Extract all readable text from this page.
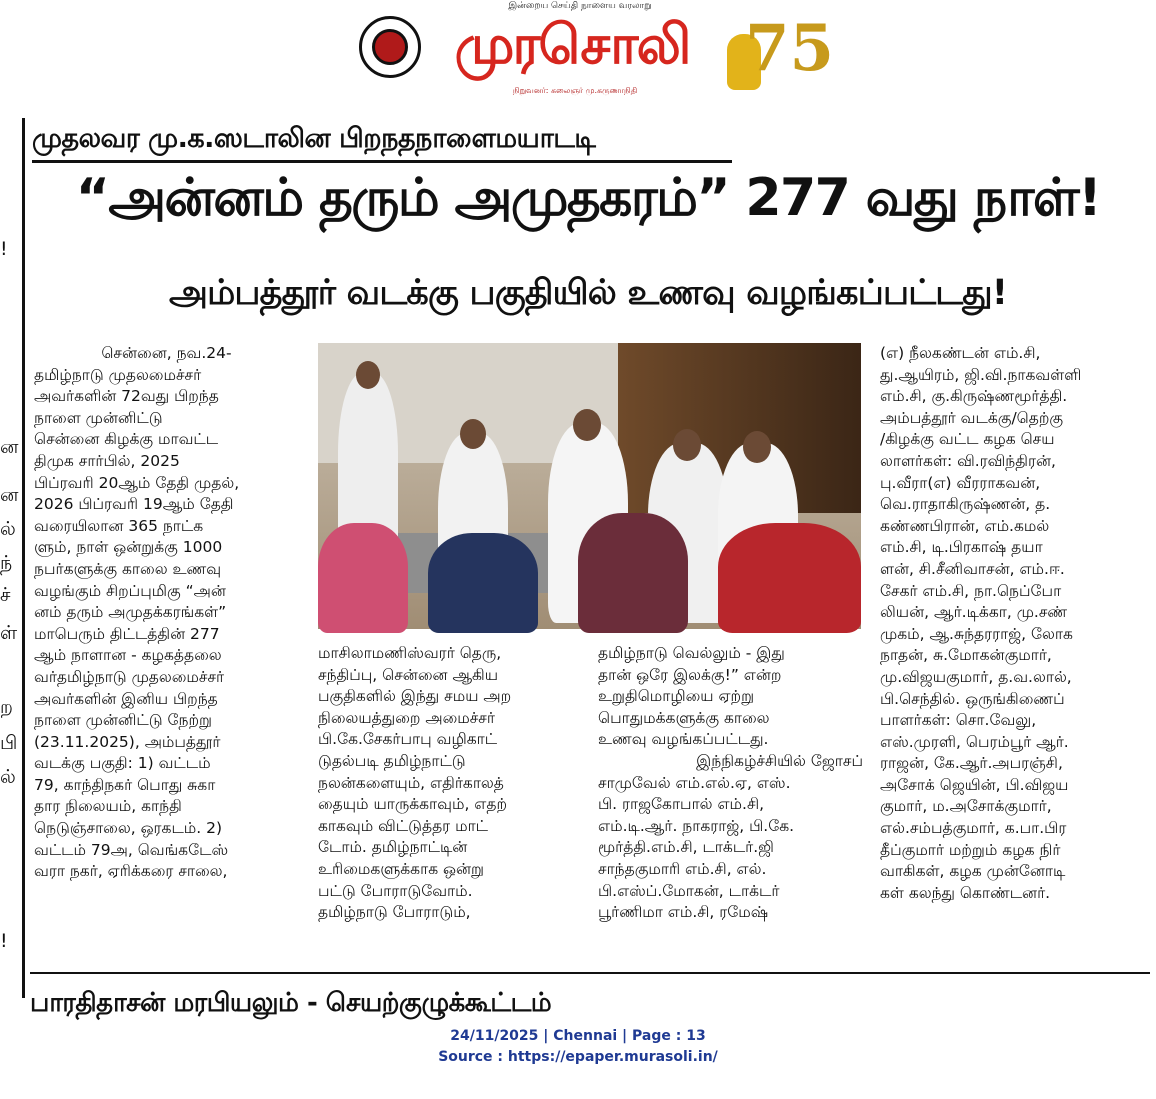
இன்றைய செய்தி நாளைய வரலாறு
முரசொலி
நிறுவனர்: கலைஞர் மு.கருணாநிதி
75
!
ன
ன
ல்
ந்
ச்
ள்
ற
பி
ல்
!
முதலவர மு.க.ஸடாலின பிறநதநாளைமயாடடி
“அன்னம் தரும் அமுதகரம்” 277 வது நாள்!
அம்பத்தூர் வடக்கு பகுதியில் உணவு வழங்கப்பட்டது!
சென்னை, நவ.24-
தமிழ்நாடு முதலமைச்சர்
அவர்களின் 72வது பிறந்த
நாளை முன்னிட்டு
சென்னை கிழக்கு மாவட்ட
திமுக சார்பில், 2025
பிப்ரவரி 20ஆம் தேதி முதல்,
2026 பிப்ரவரி 19ஆம் தேதி
வரையிலான 365 நாட்க
ளும், நாள் ஒன்றுக்கு 1000
நபர்களுக்கு காலை உணவு
வழங்கும் சிறப்புமிகு “அன்
னம் தரும் அமுதக்கரங்கள்”
மாபெரும் திட்டத்தின் 277
ஆம் நாளான - கழகத்தலை
வர்தமிழ்நாடு முதலமைச்சர்
அவர்களின் இனிய பிறந்த
நாளை முன்னிட்டு நேற்று
(23.11.2025), அம்பத்தூர்
வடக்கு பகுதி: 1) வட்டம்
79, காந்திநகர் பொது சுகா
தார நிலையம், காந்தி
நெடுஞ்சாலை, ஒரகடம். 2)
வட்டம் 79அ, வெங்கடேஸ்
வரா நகர், ஏரிக்கரை சாலை,
மாசிலாமணிஸ்வரர் தெரு,
சந்திப்பு, சென்னை ஆகிய
பகுதிகளில் இந்து சமய அற
நிலையத்துறை அமைச்சர்
பி.கே.சேகர்பாபு வழிகாட்
டுதல்படி தமிழ்நாட்டு
நலன்களையும், எதிர்காலத்
தையும் யாருக்காவும், எதற்
காகவும் விட்டுத்தர மாட்
டோம். தமிழ்நாட்டின்
உரிமைகளுக்காக ஒன்று
பட்டு போராடுவோம்.
தமிழ்நாடு போராடும்,
தமிழ்நாடு வெல்லும் - இது
தான் ஒரே இலக்கு!” என்ற
உறுதிமொழியை ஏற்று
பொதுமக்களுக்கு காலை
உணவு வழங்கப்பட்டது.
இந்நிகழ்ச்சியில் ஜோசப்
சாமுவேல் எம்.எல்.ஏ, எஸ்.
பி. ராஜகோபால் எம்.சி,
எம்.டி.ஆர். நாகராஜ், பி.கே.
மூர்த்தி.எம்.சி, டாக்டர்.ஜி
சாந்தகுமாரி எம்.சி, எல்.
பி.எஸ்ப்.மோகன், டாக்டர்
பூர்ணிமா எம்.சி, ரமேஷ்
(எ) நீலகண்டன் எம்.சி,
து.ஆயிரம், ஜி.வி.நாகவள்ளி
எம்.சி, கு.கிருஷ்ணமூர்த்தி.
அம்பத்தூர் வடக்கு/தெற்கு
/கிழக்கு வட்ட கழக செய
லாளர்கள்: வி.ரவிந்திரன்,
பு.வீரா(எ) வீரராகவன்,
வெ.ராதாகிருஷ்ணன், த.
கண்ணபிரான், எம்.கமல்
எம்.சி, டி.பிரகாஷ் தயா
ளன், சி.சீனிவாசன், எம்.ஈ.
சேகர் எம்.சி, நா.நெப்போ
லியன், ஆர்.டிக்கா, மு.சண்
முகம், ஆ.சுந்தரராஜ், லோக
நாதன், சு.மோகன்குமார்,
மு.விஜயகுமார், த.வ.லால்,
பி.செந்தில். ஒருங்கிணைப்
பாளர்கள்: சொ.வேலு,
எஸ்.முரளி, பெரம்பூர் ஆர்.
ராஜன், கே.ஆர்.அபரஞ்சி,
அசோக் ஜெயின், பி.விஜய
குமார், ம.அசோக்குமார்,
எல்.சம்பத்குமார், க.பா.பிர
தீப்குமார் மற்றும் கழக நிர்
வாகிகள், கழக முன்னோடி
கள் கலந்து கொண்டனர்.
பாரதிதாசன் மரபியலும் - செயற்குழுக்கூட்டம்
24/11/2025 | Chennai | Page : 13
Source : https://epaper.murasoli.in/
